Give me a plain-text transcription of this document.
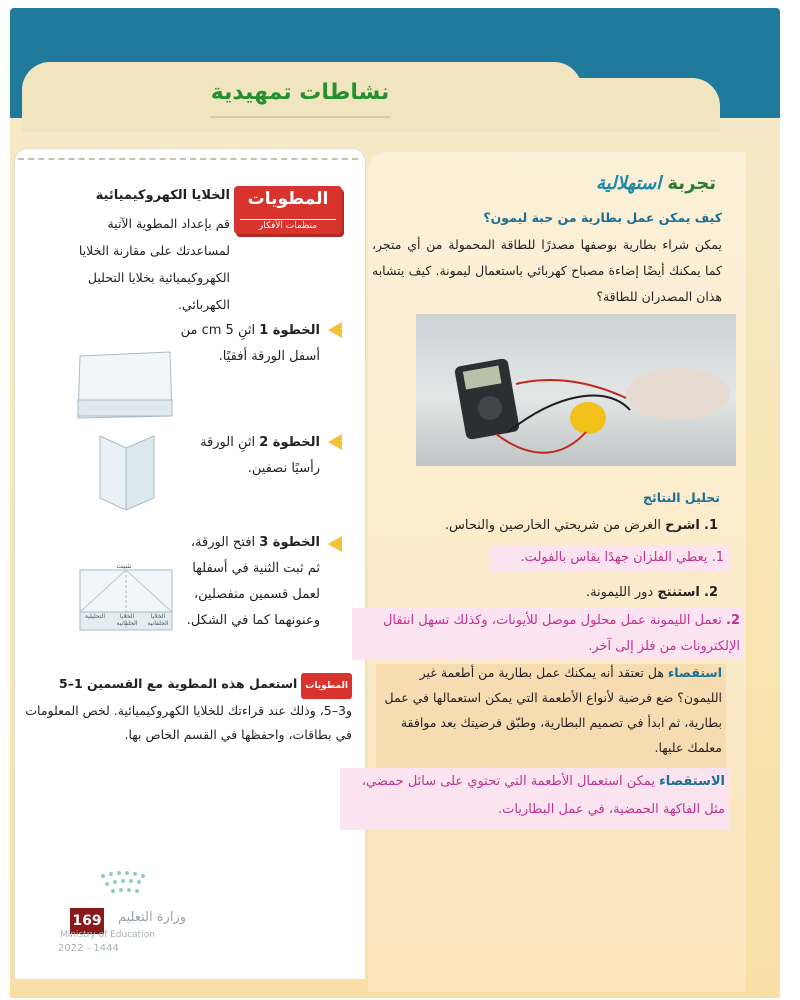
نشاطات تمهيدية
المطويات
منظمات الأفكار
الخلايا الكهروكيميائية
قم بإعداد المطوية الآتية لمساعدتك على مقارنة الخلايا الكهروكيميائية بخلايا التحليل الكهربائي.
الخطوة 1 اثنِ 5 cm من أسفل الورقة أفقيًا.
الخطوة 2 اثنِ الورقة رأسيًا نصفين.
الخطوة 3 افتح الورقة، ثم ثبت الثنية في أسفلها لعمل قسمين منفصلين، وعنونهما كما في الشكل.
تثبيت
التحليلية	الخلايا الجلفانية
الخلايا الجلفانية
المطويات استعمل هذه المطوية مع القسمين 1–5
و3–5، وذلك عند قراءتك للخلايا الكهروكيميائية. لخص المعلومات في بطاقات، واحفظها في القسم الخاص بها.
تجربة استهلالية
كيف يمكن عمل بطارية من حبة ليمون؟
يمكن شراء بطارية بوصفها مصدرًا للطاقة المحمولة من أي متجر، كما يمكنك أيضًا إضاءة مصباح كهربائي باستعمال ليمونة. كيف يتشابه هذان المصدران للطاقة؟
تحليل النتائج
1. اشرح الغرض من شريحتي الخارصين والنحاس.
1. يعطي الفلزان جهدًا يقاس بالفولت.
2. استنتج دور الليمونة.
2. تعمل الليمونة عمل محلول موصل للأيونات، وكذلك تسهل انتقال الإلكترونات من فلز إلى آخر.
استقصاء هل تعتقد أنه يمكنك عمل بطارية من أطعمة غير الليمون؟ ضع فرضية لأنواع الأطعمة التي يمكن استعمالها في عمل بطارية، ثم ابدأ في تصميم البطارية، وطبّق فرضيتك بعد موافقة معلمك عليها.
الاستقصاء يمكن استعمال الأطعمة التي تحتوي على سائل حمضي، مثل الفاكهة الحمضية، في عمل البطاريات.
169	وزارة التعليم
Ministry of Education
2022 - 1444
